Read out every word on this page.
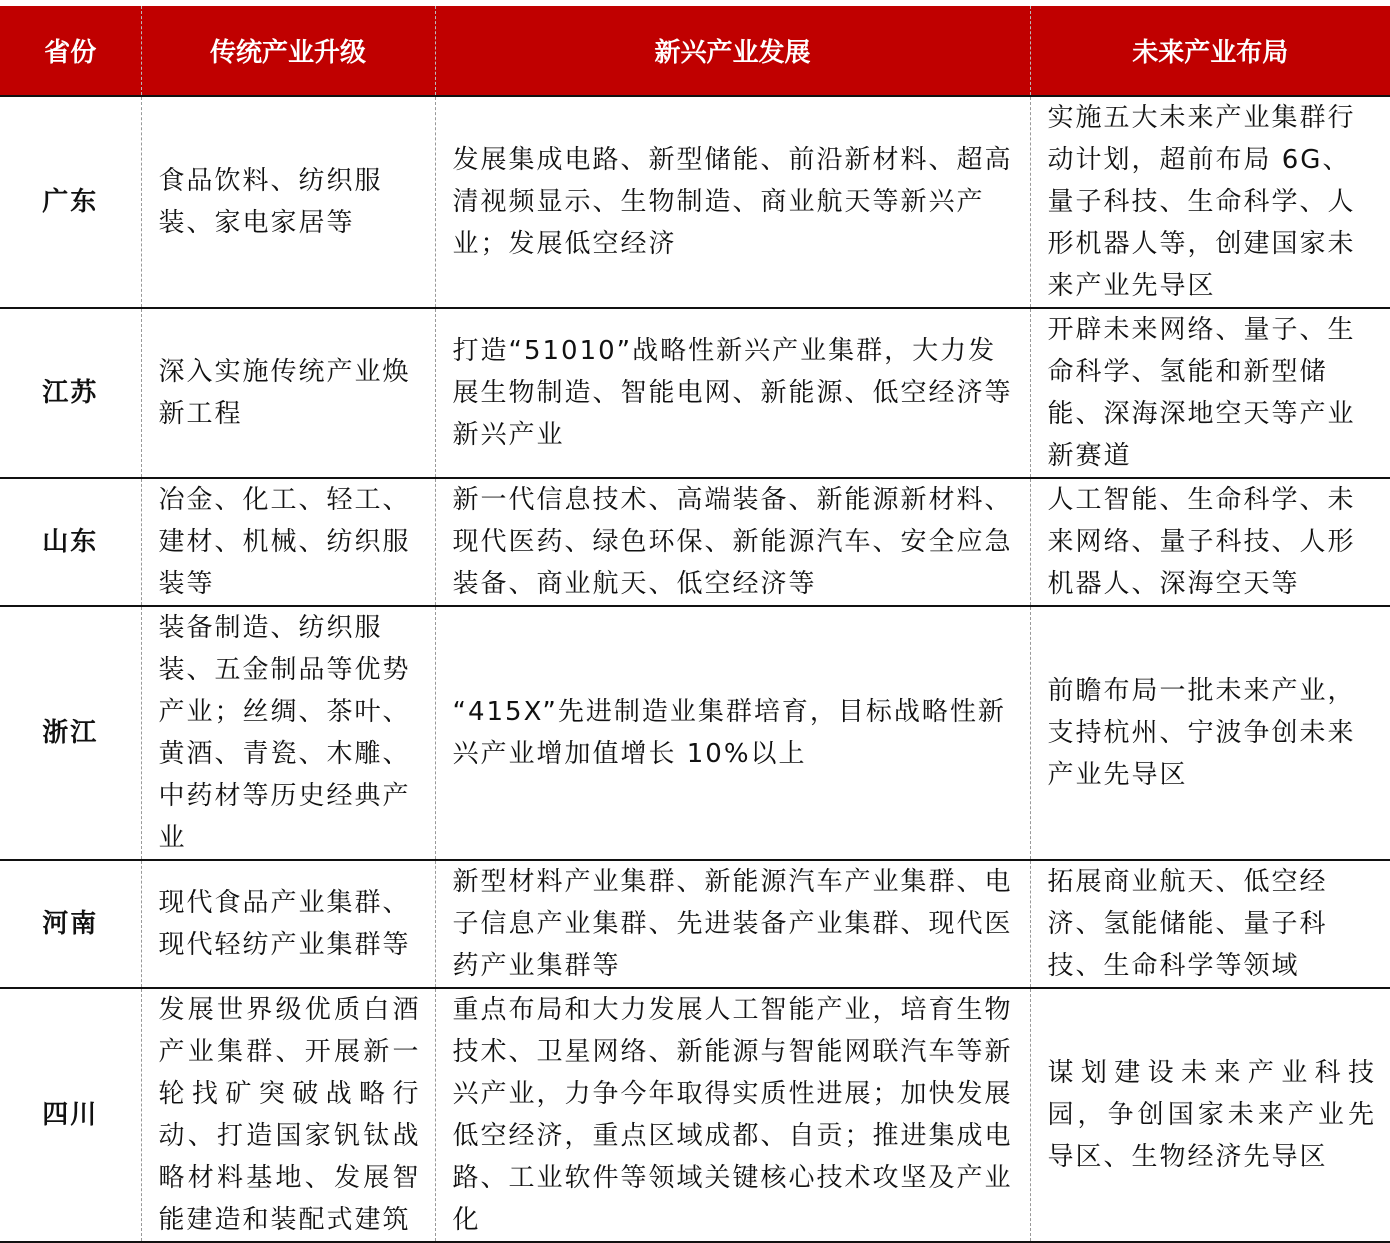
省份	传统产业升级	新兴产业发展	未来产业布局
广东	食品饮料、纺织服装、家电家居等	发展集成电路、新型储能、前沿新材料、超高清视频显示、生物制造、商业航天等新兴产业；发展低空经济	实施五大未来产业集群行动计划，超前布局 6G、量子科技、生命科学、人形机器人等，创建国家未来产业先导区
江苏	深入实施传统产业焕新工程	打造“51010”战略性新兴产业集群，大力发展生物制造、智能电网、新能源、低空经济等新兴产业	开辟未来网络、量子、生命科学、氢能和新型储能、深海深地空天等产业新赛道
山东	冶金、化工、轻工、建材、机械、纺织服装等	新一代信息技术、高端装备、新能源新材料、现代医药、绿色环保、新能源汽车、安全应急装备、商业航天、低空经济等	人工智能、生命科学、未来网络、量子科技、人形机器人、深海空天等
浙江	装备制造、纺织服装、五金制品等优势产业；丝绸、茶叶、黄酒、青瓷、木雕、中药材等历史经典产业	“415X”先进制造业集群培育，目标战略性新兴产业增加值增长 10%以上	前瞻布局一批未来产业，支持杭州、宁波争创未来产业先导区
河南	现代食品产业集群、现代轻纺产业集群等	新型材料产业集群、新能源汽车产业集群、电子信息产业集群、先进装备产业集群、现代医药产业集群等	拓展商业航天、低空经济、氢能储能、量子科技、生命科学等领域
四川	发展世界级优质白酒产业集群、开展新一轮找矿突破战略行动、打造国家钒钛战略材料基地、发展智能建造和装配式建筑	重点布局和大力发展人工智能产业，培育生物技术、卫星网络、新能源与智能网联汽车等新兴产业，力争今年取得实质性进展；加快发展低空经济，重点区域成都、自贡；推进集成电路、工业软件等领域关键核心技术攻坚及产业化	谋划建设未来产业科技园，争创国家未来产业先导区、生物经济先导区
